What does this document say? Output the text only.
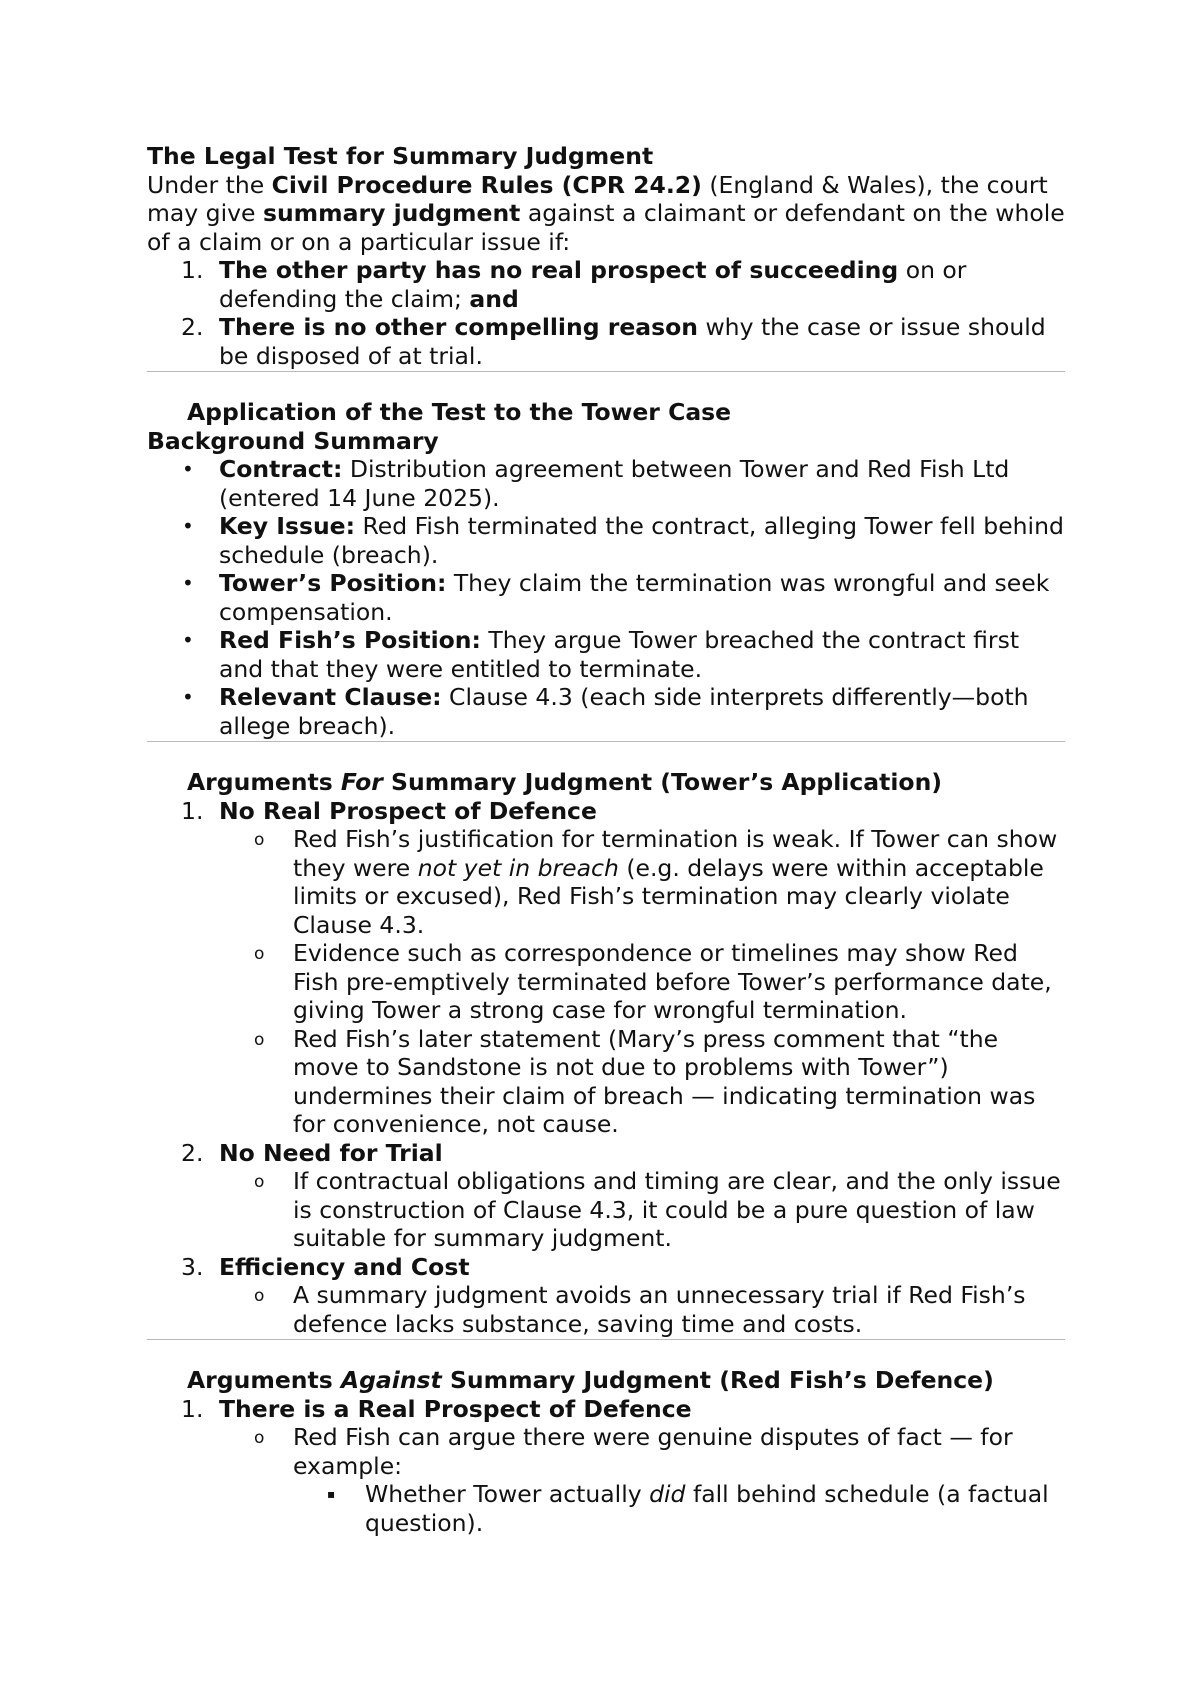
The Legal Test for Summary Judgment

Under the Civil Procedure Rules (CPR 24.2) (England & Wales), the court may give summary judgment against a claimant or defendant on the whole of a claim or on a particular issue if:

1. The other party has no real prospect of succeeding on or defending the claim; and
2. There is no other compelling reason why the case or issue should be disposed of at trial.

Application of the Test to the Tower Case

Background Summary

• Contract: Distribution agreement between Tower and Red Fish Ltd (entered 14 June 2025).
• Key Issue: Red Fish terminated the contract, alleging Tower fell behind schedule (breach).
• Tower’s Position: They claim the termination was wrongful and seek compensation.
• Red Fish’s Position: They argue Tower breached the contract first and that they were entitled to terminate.
• Relevant Clause: Clause 4.3 (each side interprets differently—both allege breach).

Arguments For Summary Judgment (Tower’s Application)

1. No Real Prospect of Defence
o Red Fish’s justification for termination is weak. If Tower can show they were not yet in breach (e.g. delays were within acceptable limits or excused), Red Fish’s termination may clearly violate Clause 4.3.
o Evidence such as correspondence or timelines may show Red Fish pre-emptively terminated before Tower’s performance date, giving Tower a strong case for wrongful termination.
o Red Fish’s later statement (Mary’s press comment that “the move to Sandstone is not due to problems with Tower”) undermines their claim of breach — indicating termination was for convenience, not cause.
2. No Need for Trial
o If contractual obligations and timing are clear, and the only issue is construction of Clause 4.3, it could be a pure question of law suitable for summary judgment.
3. Efficiency and Cost
o A summary judgment avoids an unnecessary trial if Red Fish’s defence lacks substance, saving time and costs.

Arguments Against Summary Judgment (Red Fish’s Defence)

1. There is a Real Prospect of Defence
o Red Fish can argue there were genuine disputes of fact — for example:
▪ Whether Tower actually did fall behind schedule (a factual question).
